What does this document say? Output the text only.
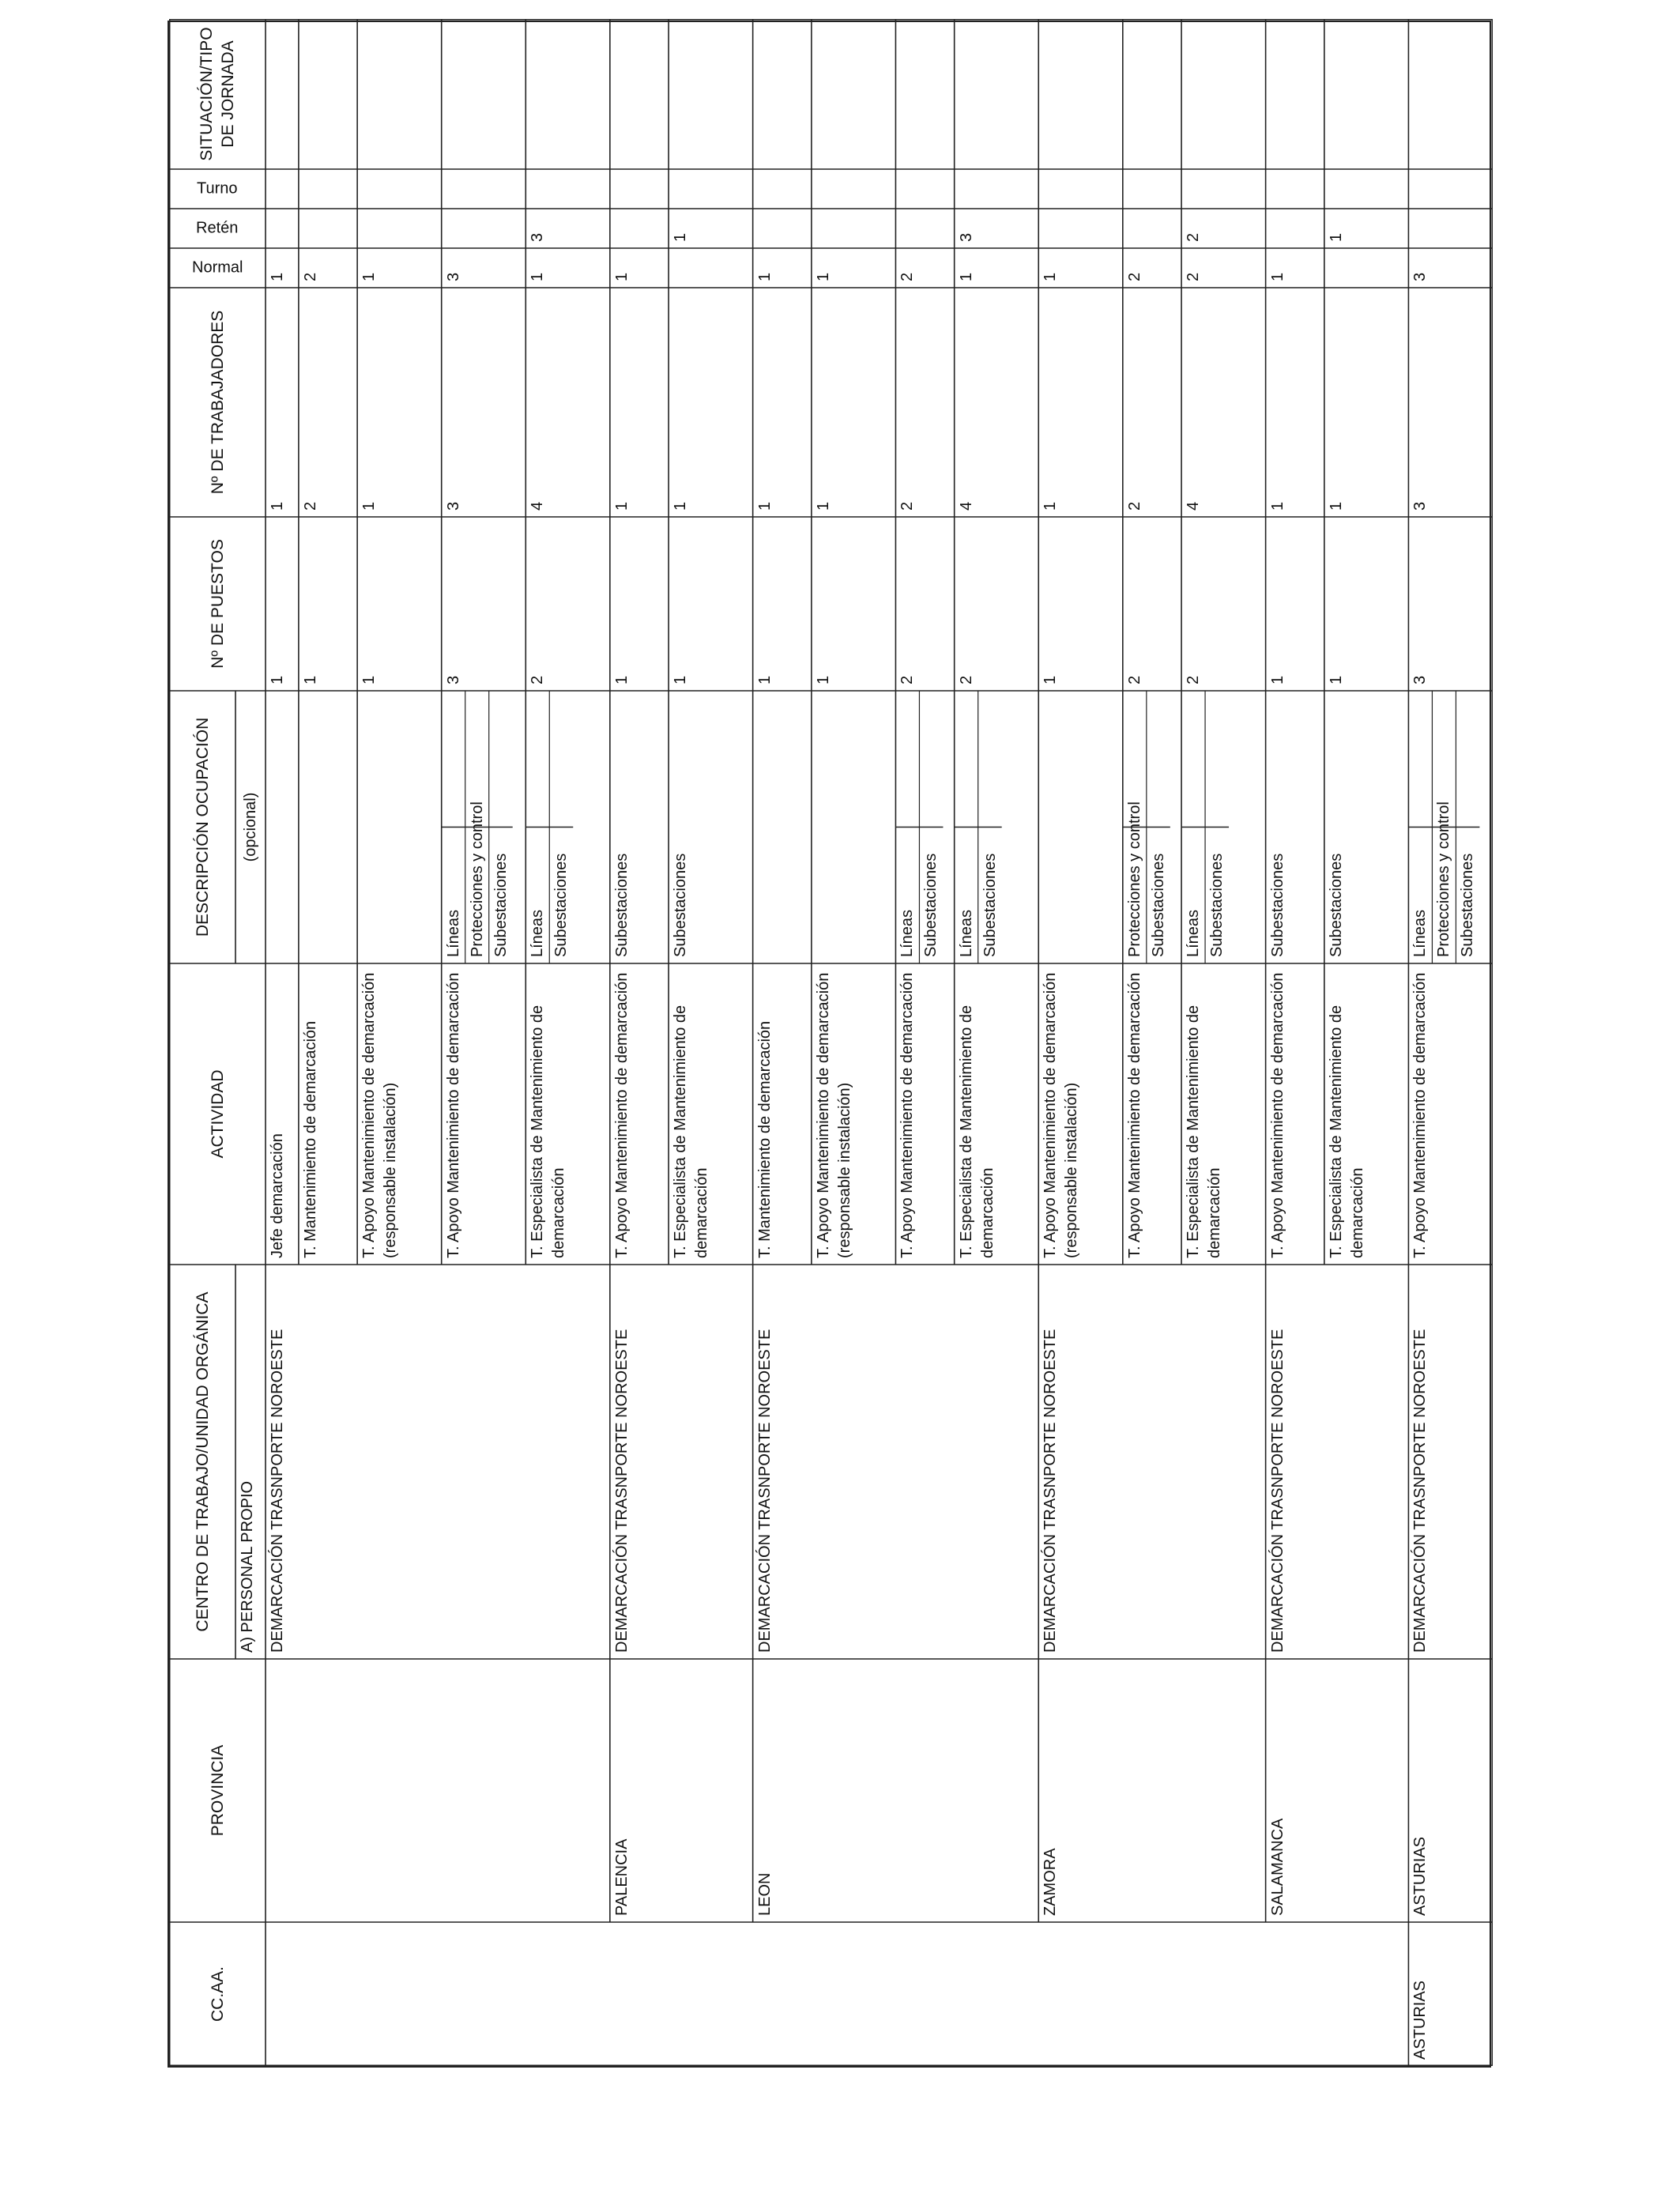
DEMARCACIÓN TRASNPORTE NOROESTE
PALENCIA
DEMARCACIÓN TRASNPORTE NOROESTE
LEON
DEMARCACIÓN TRASNPORTE NOROESTE
ZAMORA
DEMARCACIÓN TRASNPORTE NOROESTE
SALAMANCA
DEMARCACIÓN TRASNPORTE NOROESTE
ASTURIAS
ASTURIAS
DEMARCACIÓN TRASNPORTE NOROESTE
Jefe demarcación
1
1
1
T. Mantenimiento de demarcación
1
2
2
T. Apoyo Mantenimiento de demarcación (responsable instalación)
1
1
1
T. Apoyo Mantenimiento de demarcación
Líneas Protecciones y control Subestaciones
3
3
3
T. Especialista de Mantenimiento de demarcación
Líneas Subestaciones
2
4
1
3
T. Apoyo Mantenimiento de demarcación
Subestaciones
1
1
1
T. Especialista de Mantenimiento de demarcación
Subestaciones
1
1
1
T. Mantenimiento de demarcación
1
1
1
T. Apoyo Mantenimiento de demarcación (responsable instalación)
1
1
1
T. Apoyo Mantenimiento de demarcación
Líneas Subestaciones
2
2
2
T. Especialista de Mantenimiento de demarcación
Líneas Subestaciones
2
4
1
3
T. Apoyo Mantenimiento de demarcación (responsable instalación)
1
1
1
T. Apoyo Mantenimiento de demarcación
Protecciones y control Subestaciones
2
2
2
T. Especialista de Mantenimiento de demarcación
Líneas Subestaciones
2
4
2
2
T. Apoyo Mantenimiento de demarcación
Subestaciones
1
1
1
T. Especialista de Mantenimiento de demarcación
Subestaciones
1
1
1
T. Apoyo Mantenimiento de demarcación
Líneas Protecciones y control Subestaciones
3
3
3
CC.AA.
PROVINCIA
CENTRO DE TRABAJO/UNIDAD ORGÁNICA
ACTIVIDAD
DESCRIPCIÓN OCUPACIÓN	(opcional)
Nº DE PUESTOS
Nº DE TRABAJADORES
SITUACIÓN/TIPO DE JORNADA
Normal
Retén
Turno
A) PERSONAL PROPIO
